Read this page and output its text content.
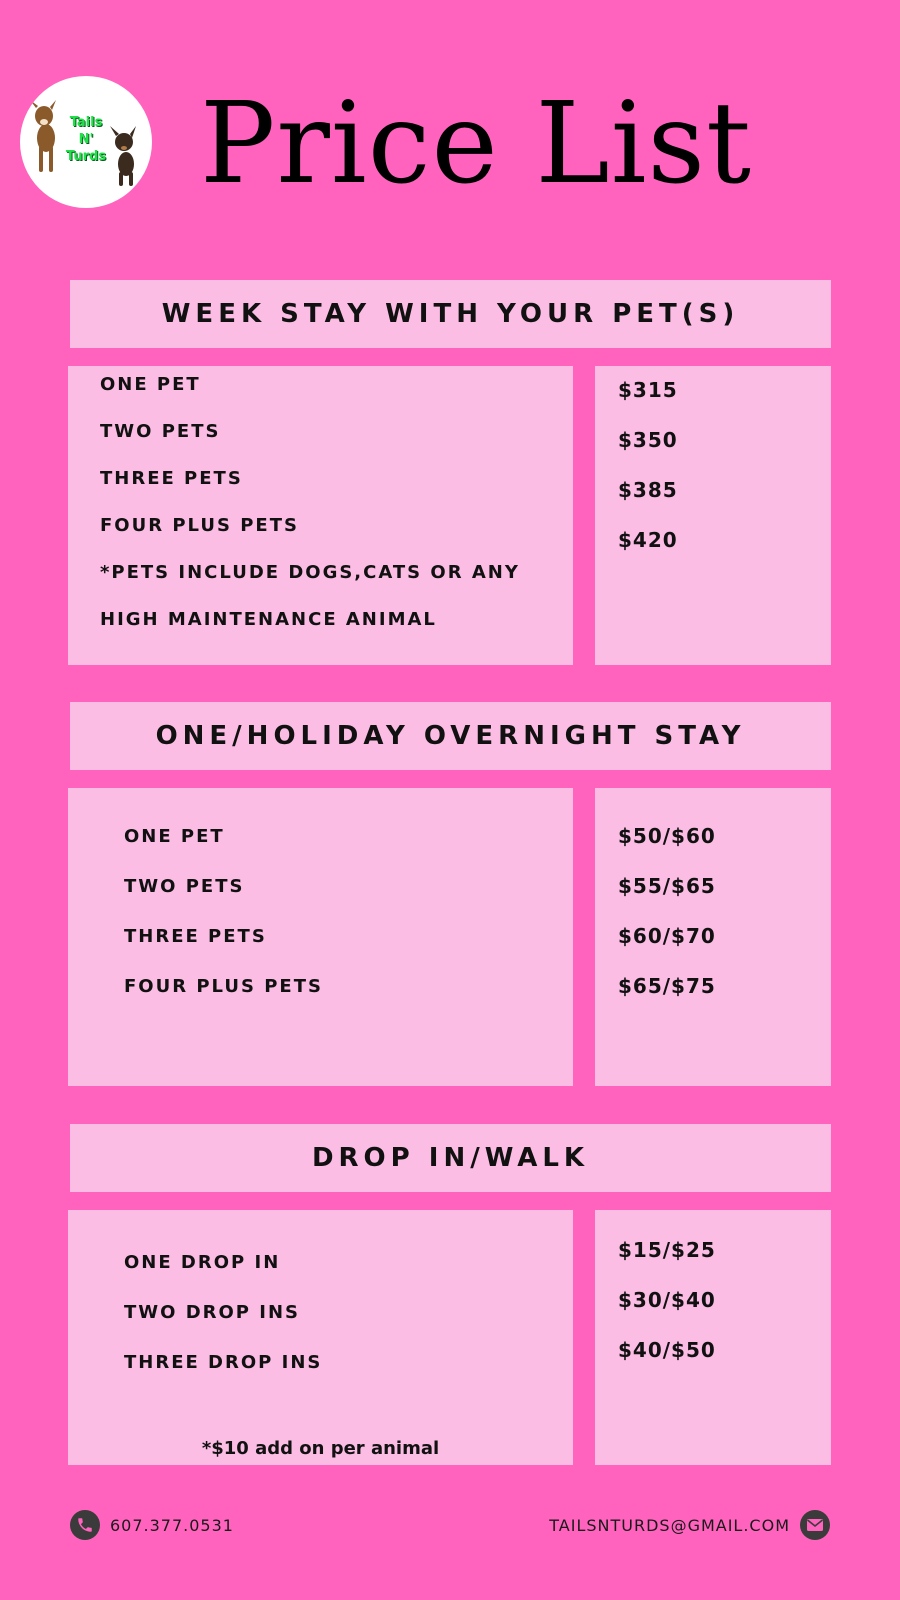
Tails
N'
Turds Price List
WEEK STAY WITH YOUR PET(S)
ONE PET
TWO PETS
THREE PETS
FOUR PLUS PETS
*PETS INCLUDE DOGS,CATS OR ANY
HIGH MAINTENANCE ANIMAL
$315
$350
$385
$420
ONE/HOLIDAY OVERNIGHT STAY
ONE PET
TWO PETS
THREE PETS
FOUR PLUS PETS
$50/$60
$55/$65
$60/$70
$65/$75
DROP IN/WALK
ONE DROP IN
TWO DROP INS
THREE DROP INS
*$10 add on per animal
$15/$25
$30/$40
$40/$50
607.377.0531	TAILSNTURDS@GMAIL.COM
